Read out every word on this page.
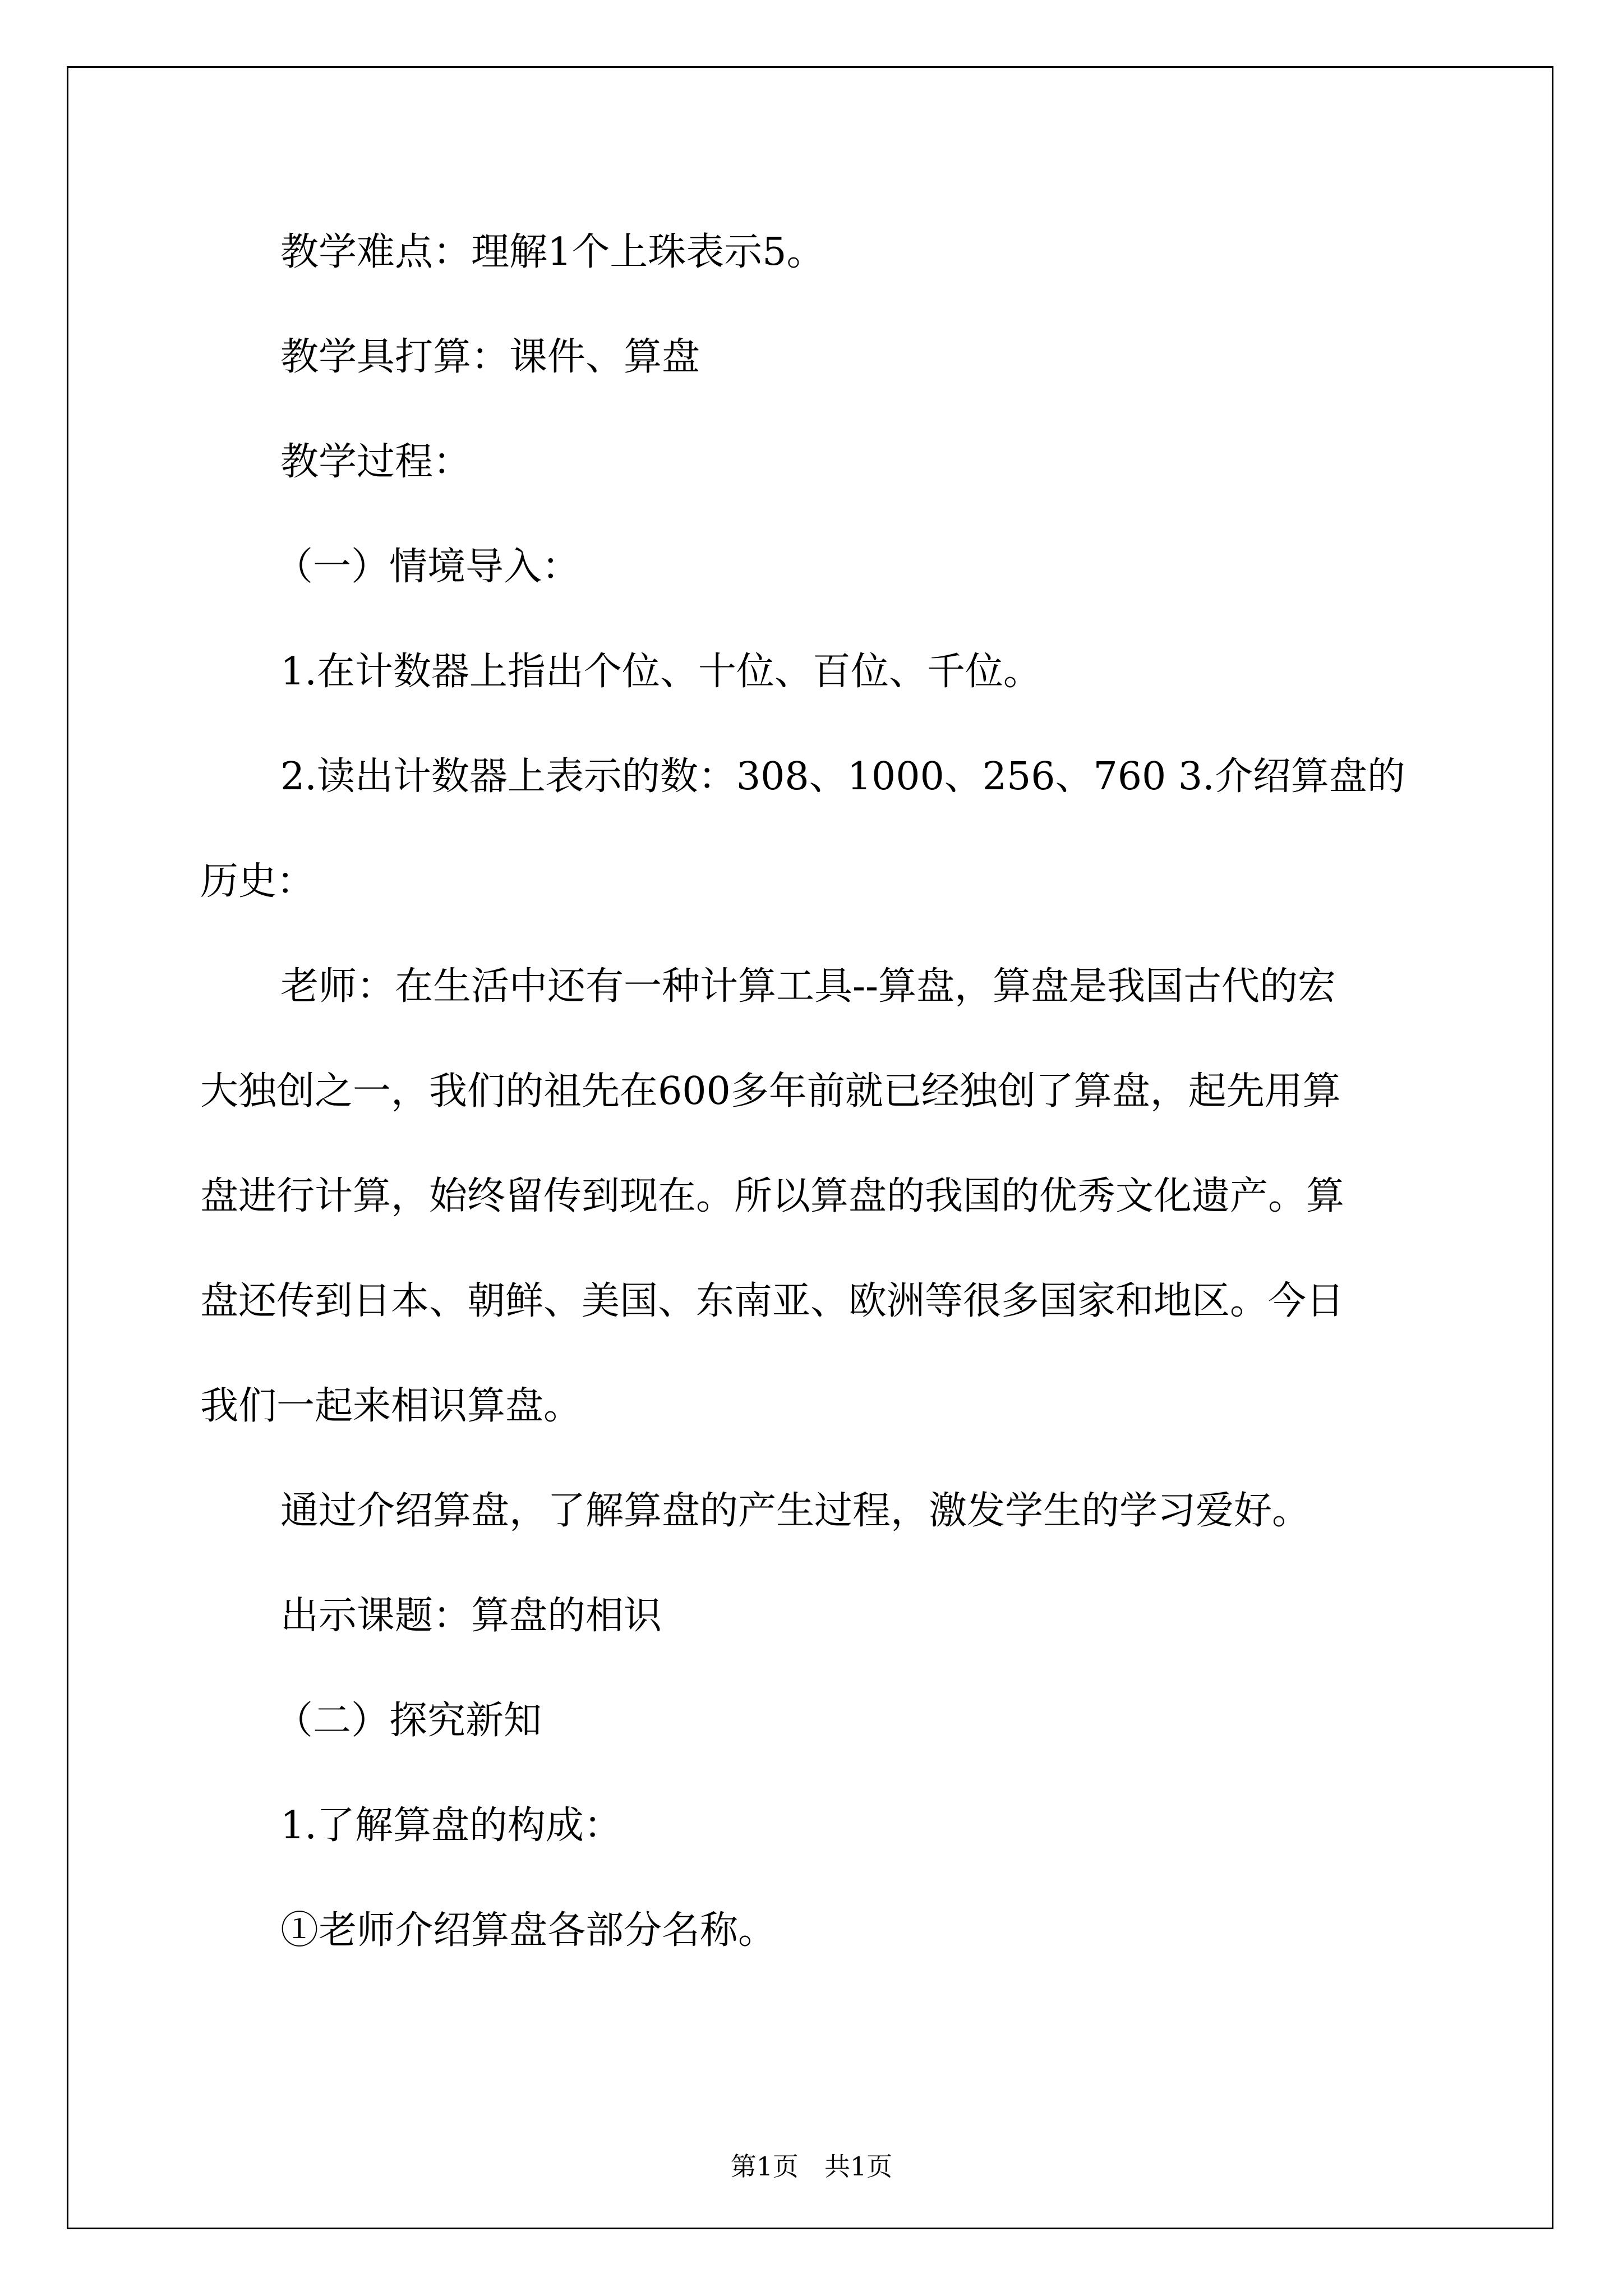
教学难点：理解1个上珠表示5。

教学具打算：课件、算盘

教学过程：

（一）情境导入：

1.在计数器上指出个位、十位、百位、千位。

2.读出计数器上表示的数：308、1000、256、760 3.介绍算盘的

历史：

老师：在生活中还有一种计算工具--算盘，算盘是我国古代的宏

大独创之一，我们的祖先在600多年前就已经独创了算盘，起先用算

盘进行计算，始终留传到现在。所以算盘的我国的优秀文化遗产。算

盘还传到日本、朝鲜、美国、东南亚、欧洲等很多国家和地区。今日

我们一起来相识算盘。

通过介绍算盘，了解算盘的产生过程，激发学生的学习爱好。

出示课题：算盘的相识

（二）探究新知

1.了解算盘的构成：

①老师介绍算盘各部分名称。

第1页　共1页
